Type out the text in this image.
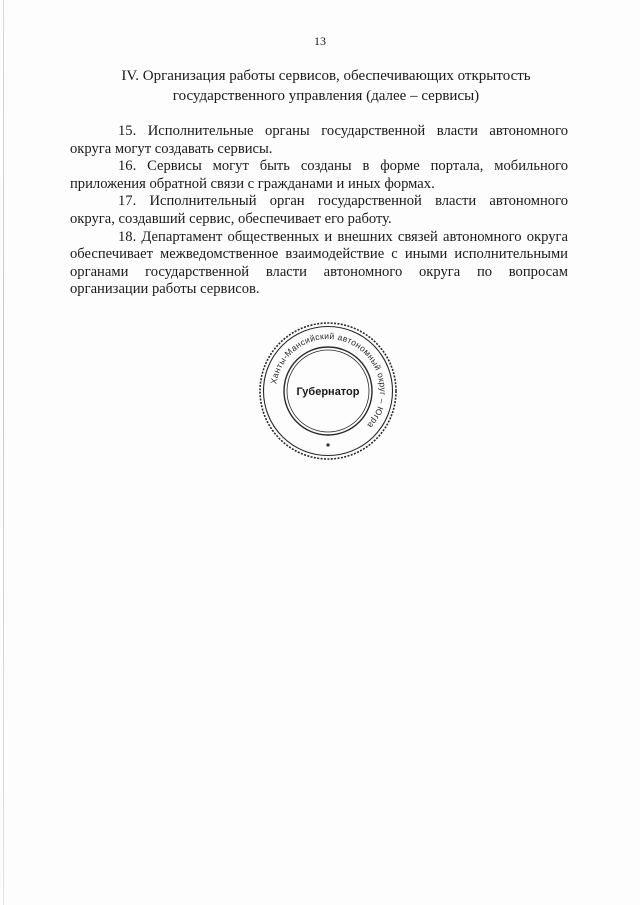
13
IV. Организация работы сервисов, обеспечивающих открытость
государственного управления (далее – сервисы)

15. Исполнительные органы государственной власти автономного округа могут создавать сервисы.

16. Сервисы могут быть созданы в форме портала, мобильного приложения обратной связи с гражданами и иных формах.

17. Исполнительный орган государственной власти автономного округа, создавший сервис, обеспечивает его работу.

18. Департамент общественных и внешних связей автономного округа обеспечивает межведомственное взаимодействие с иными исполнительными органами государственной власти автономного округа по вопросам организации работы сервисов.

Ханты-Мансийский автономный округ – Югра
Губернатор
